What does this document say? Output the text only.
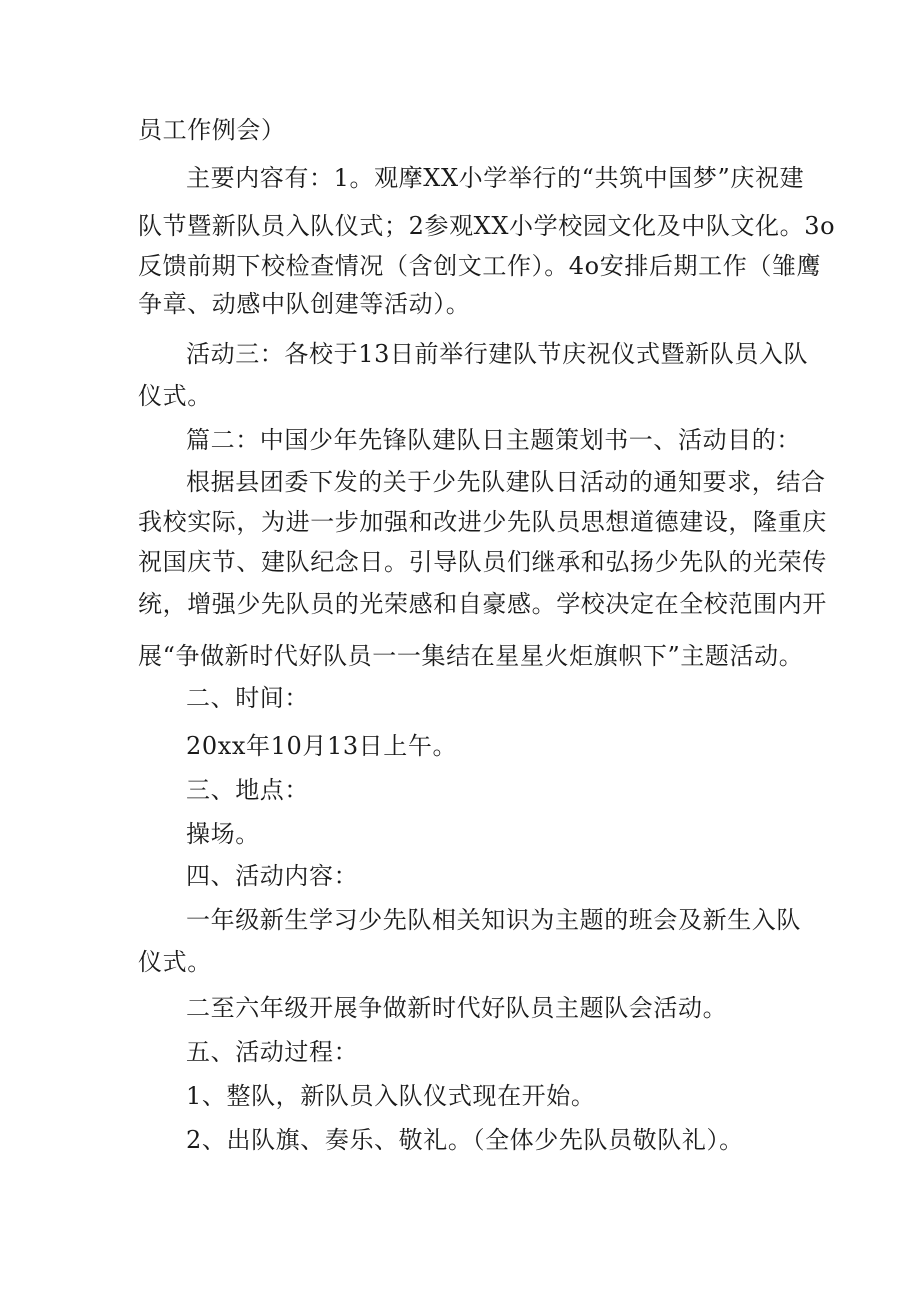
员工作例会）
主要内容有：1。观摩XX小学举行的“共筑中国梦”庆祝建
队节暨新队员入队仪式；2参观XX小学校园文化及中队文化。3o
反馈前期下校检查情况（含创文工作）。4o安排后期工作（雏鹰
争章、动感中队创建等活动）。
活动三：各校于13日前举行建队节庆祝仪式暨新队员入队
仪式。
篇二：中国少年先锋队建队日主题策划书一、活动目的：
根据县团委下发的关于少先队建队日活动的通知要求，结合
我校实际，为进一步加强和改进少先队员思想道德建设，隆重庆
祝国庆节、建队纪念日。引导队员们继承和弘扬少先队的光荣传
统，增强少先队员的光荣感和自豪感。学校决定在全校范围内开
展“争做新时代好队员一一集结在星星火炬旗帜下”主题活动。
二、时间：
20xx年10月13日上午。
三、地点：
操场。
四、活动内容：
一年级新生学习少先队相关知识为主题的班会及新生入队
仪式。
二至六年级开展争做新时代好队员主题队会活动。
五、活动过程：
1、整队，新队员入队仪式现在开始。
2、出队旗、奏乐、敬礼。（全体少先队员敬队礼）。
